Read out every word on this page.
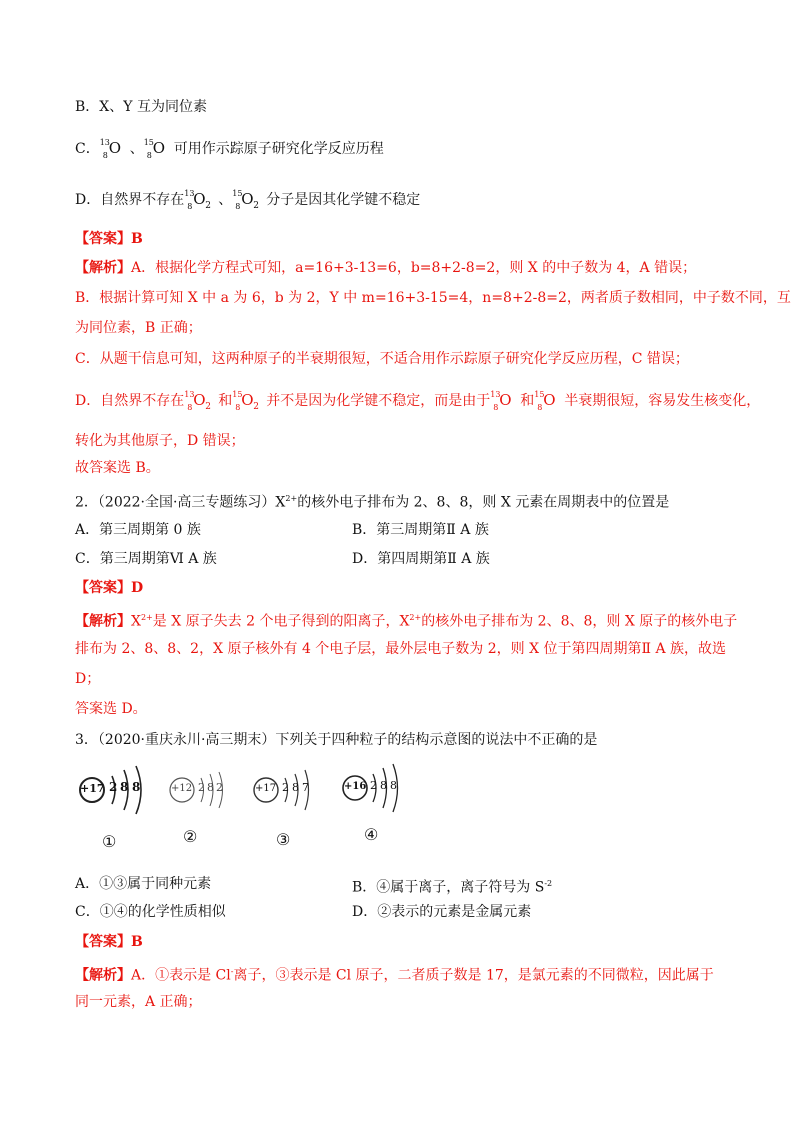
B．X、Y 互为同位素
C． 13
8 O 、 15
8 O 可用作示踪原子研究化学反应历程
D．自然界不存在 13
8 O 2 、 15
8 O 2 分子是因其化学键不稳定
【答案】B
【解析】A．根据化学方程式可知，a=16+3-13=6，b=8+2-8=2，则 X 的中子数为 4，A 错误；
B．根据计算可知 X 中 a 为 6，b 为 2，Y 中 m=16+3-15=4，n=8+2-8=2，两者质子数相同，中子数不同，互
为同位素，B 正确；
C．从题干信息可知，这两种原子的半衰期很短，不适合用作示踪原子研究化学反应历程，C 错误；
D．自然界不存在 13
8 O 2 和 15
8 O 2 并不是因为化学键不稳定，而是由于 13
8 O 和 15
8 O 半衰期很短，容易发生核变化，
转化为其他原子，D 错误；
故答案选 B。
2．（2022·全国·高三专题练习）$X^{2+}$的核外电子排布为 2、8、8，则 X 元素在周期表中的位置是
A．第三周期第 0 族	B．第三周期第Ⅱ A 族
C．第三周期第Ⅵ A 族	D．第四周期第Ⅱ A 族
【答案】D
【解析】$X^{2+}$是 X 原子失去 2 个电子得到的阳离子，$X^{2+}$的核外电子排布为 2、8、8，则 X 原子的核外电子
排布为 2、8、8、2，X 原子核外有 4 个电子层，最外层电子数为 2，则 X 位于第四周期第Ⅱ A 族，故选
D；
答案选 D。
3．（2020·重庆永川·高三期末）下列关于四种粒子的结构示意图的说法中不正确的是
+17 2 8 8
①
+12 2 8 2
②
+17 2 8 7
③
+16 2 8 8
④
A．①③属于同种元素	B．④属于离子，离子符号为 $S^{-2}$
C．①④的化学性质相似	D．②表示的元素是金属元素
【答案】B
【解析】A．①表示是 Cl-离子，③表示是 Cl 原子，二者质子数是 17，是氯元素的不同微粒，因此属于
同一元素，A 正确；
